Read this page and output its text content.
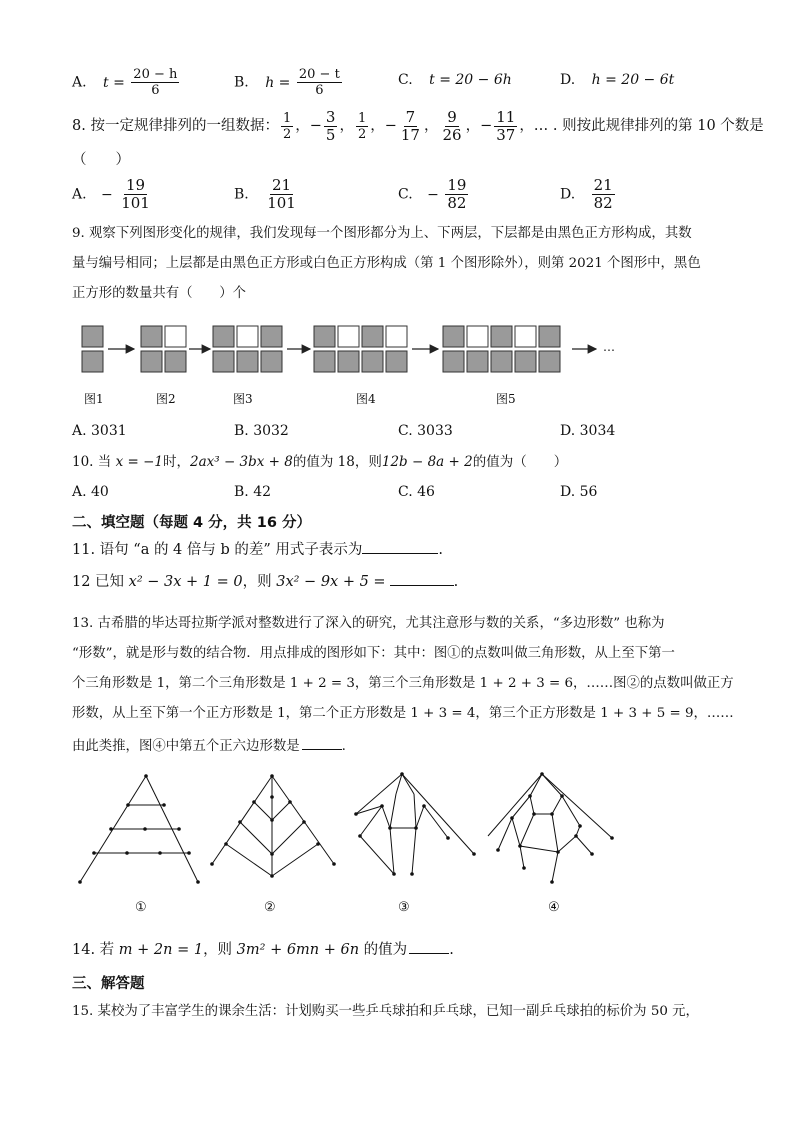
A. $t = \frac{20 - h}{6}$	B. $h = \frac{20 - t}{6}$	C. t = 20 − 6h	D. h = 20 − 6t
8. 按一定规律排列的一组数据： $\frac{1}{2}$ ， − $\frac{3}{5}$ ， $\frac{1}{2}$ ， − $\frac{7}{17}$ ， $\frac{9}{26}$ ， − $\frac{11}{37}$ ，… . 则按此规律排列的第 10 个数是
（　　）
A. − $\frac{19}{101}$	B. $\frac{21}{101}$	C. − $\frac{19}{82}$	D. $\frac{21}{82}$
9. 观察下列图形变化的规律，我们发现每一个图形都分为上、下两层，下层都是由黑色正方形构成，其数
量与编号相同；上层都是由黑色正方形或白色正方形构成（第 1 个图形除外），则第 2021 个图形中，黑色
正方形的数量共有（　　）个
…
图1	图2	图3	图4	图5
A. 3031	B. 3032	C. 3033	D. 3034
10. 当 x = −1时，2ax³ − 3bx + 8的值为 18，则12b − 8a + 2的值为（　　）
A. 40	B. 42	C. 46	D. 56
二、填空题（每题 4 分，共 16 分）
11. 语句 “a 的 4 倍与 b 的差” 用式子表示为	.
12 已知 x² − 3x + 1 = 0，则 3x² − 9x + 5 =	.
13. 古希腊的毕达哥拉斯学派对整数进行了深入的研究，尤其注意形与数的关系，“多边形数” 也称为
“形数”，就是形与数的结合物．用点排成的图形如下：其中：图①的点数叫做三角形数，从上至下第一
个三角形数是 1，第二个三角形数是 1 + 2 = 3，第三个三角形数是 1 + 2 + 3 = 6，……图②的点数叫做正方
形数，从上至下第一个正方形数是 1，第二个正方形数是 1 + 3 = 4，第三个正方形数是 1 + 3 + 5 = 9，……
由此类推，图④中第五个正六边形数是	.
①	②	③	④
14. 若 m + 2n = 1，则 3m² + 6mn + 6n 的值为	.
三、解答题
15. 某校为了丰富学生的课余生活：计划购买一些乒乓球拍和乒乓球，已知一副乒乓球拍的标价为 50 元，
